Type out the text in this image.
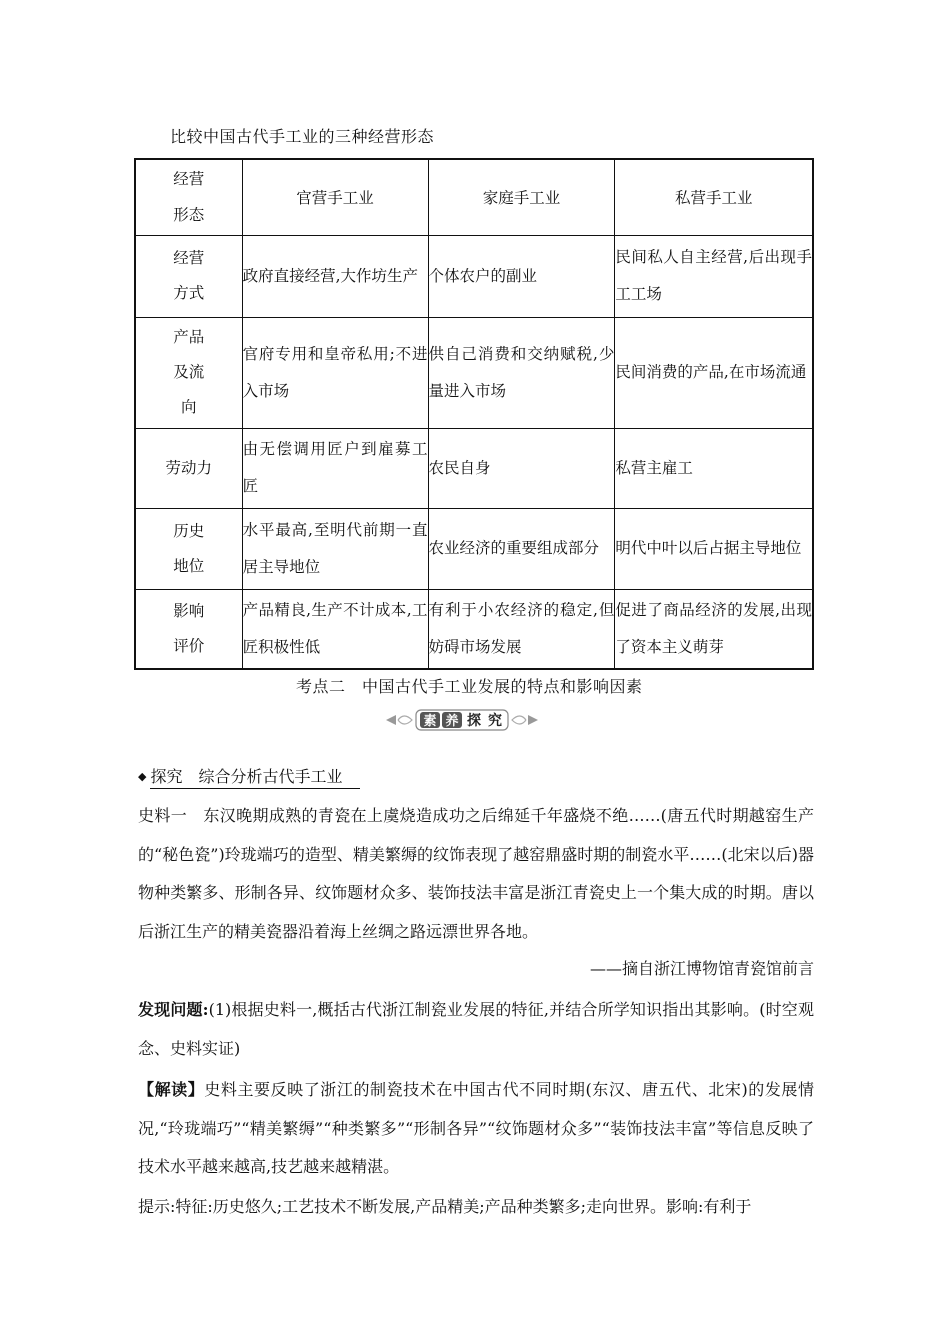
比较中国古代手工业的三种经营形态
经营
形态	官营手工业	家庭手工业	私营手工业
经营
方式	政府直接经营,大作坊生产	个体农户的副业	民间私人自主经营,后出现手工工场
产品
及流
向	官府专用和皇帝私用;不进入市场	供自己消费和交纳赋税,少量进入市场	民间消费的产品,在市场流通
劳动力	由无偿调用匠户到雇募工匠	农民自身	私营主雇工
历史
地位	水平最高,至明代前期一直居主导地位	农业经济的重要组成部分	明代中叶以后占据主导地位
影响
评价	产品精良,生产不计成本,工匠积极性低	有利于小农经济的稳定,但妨碍市场发展	促进了商品经济的发展,出现了资本主义萌芽
考点二　中国古代手工业发展的特点和影响因素
素 养 探 究
◆ 探究　综合分析古代手工业
史料一　东汉晚期成熟的青瓷在上虞烧造成功之后绵延千年盛烧不绝……(唐五代时期越窑生产的“秘色瓷”)玲珑端巧的造型、精美繁缛的纹饰表现了越窑鼎盛时期的制瓷水平……(北宋以后)器物种类繁多、形制各异、纹饰题材众多、装饰技法丰富是浙江青瓷史上一个集大成的时期。唐以后浙江生产的精美瓷器沿着海上丝绸之路远漂世界各地。
——摘自浙江博物馆青瓷馆前言
发现问题:(1)根据史料一,概括古代浙江制瓷业发展的特征,并结合所学知识指出其影响。(时空观念、史料实证)
【解读】史料主要反映了浙江的制瓷技术在中国古代不同时期(东汉、唐五代、北宋)的发展情况,“玲珑端巧”“精美繁缛”“种类繁多”“形制各异”“纹饰题材众多”“装饰技法丰富”等信息反映了技术水平越来越高,技艺越来越精湛。
提示:特征:历史悠久;工艺技术不断发展,产品精美;产品种类繁多;走向世界。影响:有利于
